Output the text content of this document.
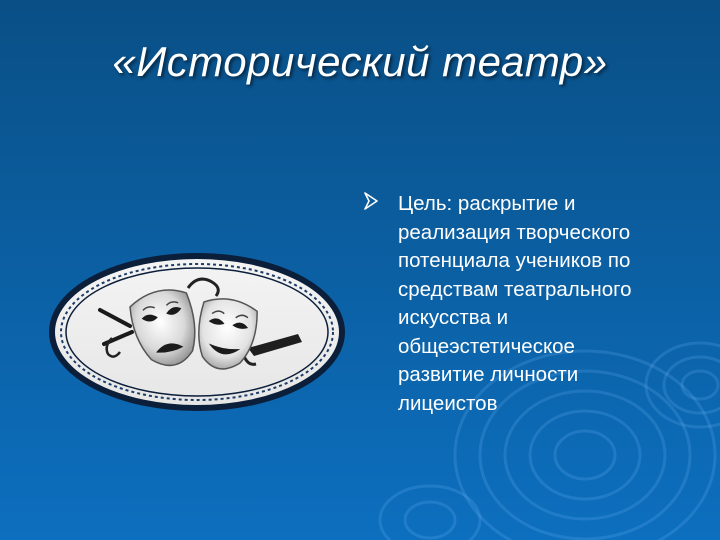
«Исторический театр»
Цель: раскрытие и
реализация творческого
потенциала учеников по
средствам театрального
искусства и
общеэстетическое
развитие личности
лицеистов
